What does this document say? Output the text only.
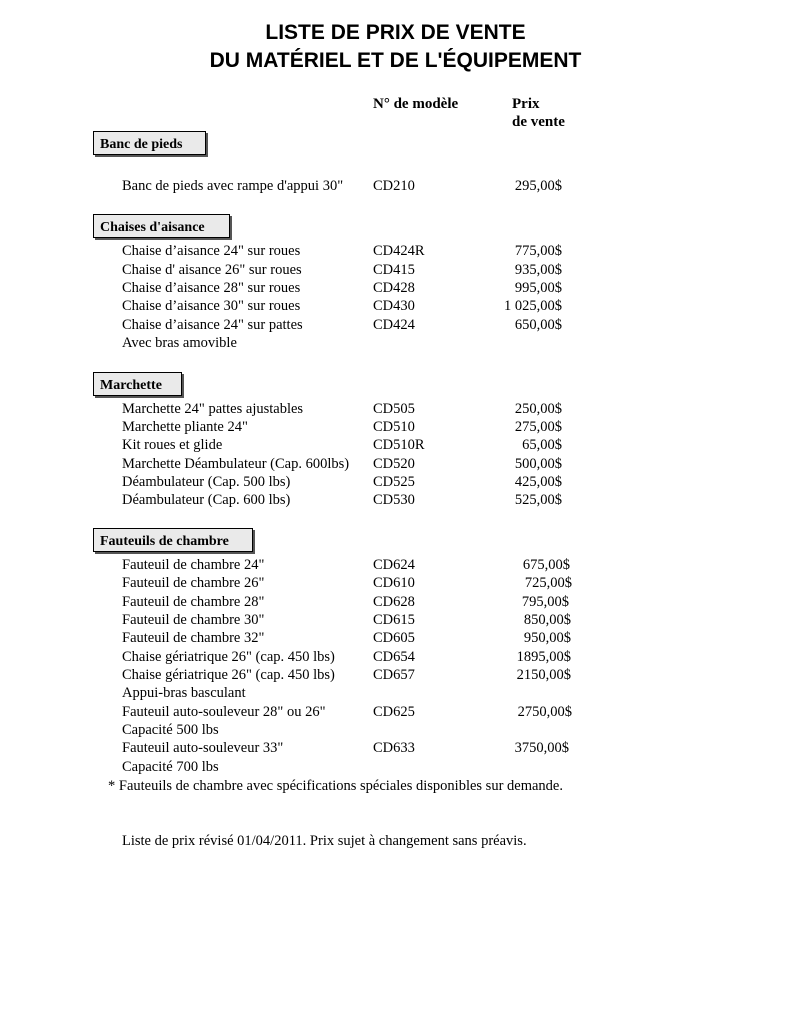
LISTE DE PRIX DE VENTE
DU MATÉRIEL ET DE L'ÉQUIPEMENT
N° de modèle	Prix
de vente
Banc de pieds
Banc de pieds avec rampe d'appui 30" CD210	295,00$
Chaises d'aisance
Chaise d’aisance 24" sur roues	CD424R	775,00$
Chaise d' aisance 26" sur roues	CD415	935,00$
Chaise d’aisance 28" sur roues	CD428	995,00$
Chaise d’aisance 30" sur roues	CD430	1 025,00$
Chaise d’aisance 24" sur pattes	CD424	650,00$
Avec bras amovible
Marchette
Marchette 24" pattes ajustables	CD505	250,00$
Marchette pliante 24"	CD510	275,00$
Kit roues et glide	CD510R	65,00$
Marchette Déambulateur (Cap. 600lbs) CD520	500,00$
Déambulateur (Cap. 500 lbs)	CD525	425,00$
Déambulateur (Cap. 600 lbs)	CD530	525,00$
Fauteuils de chambre
Fauteuil de chambre 24"	CD624	675,00$
Fauteuil de chambre 26"	CD610	725,00$
Fauteuil de chambre 28"	CD628	795,00$
Fauteuil de chambre 30"	CD615	850,00$
Fauteuil de chambre 32"	CD605	950,00$
Chaise gériatrique 26" (cap. 450 lbs)	CD654	1895,00$
Chaise gériatrique 26" (cap. 450 lbs)	CD657	2150,00$
Appui-bras basculant
Fauteuil auto-souleveur 28" ou 26"	CD625	2750,00$
Capacité 500 lbs
Fauteuil auto-souleveur 33"	CD633	3750,00$
Capacité 700 lbs
* Fauteuils de chambre avec spécifications spéciales disponibles sur demande.
Liste de prix révisé 01/04/2011. Prix sujet à changement sans préavis.
